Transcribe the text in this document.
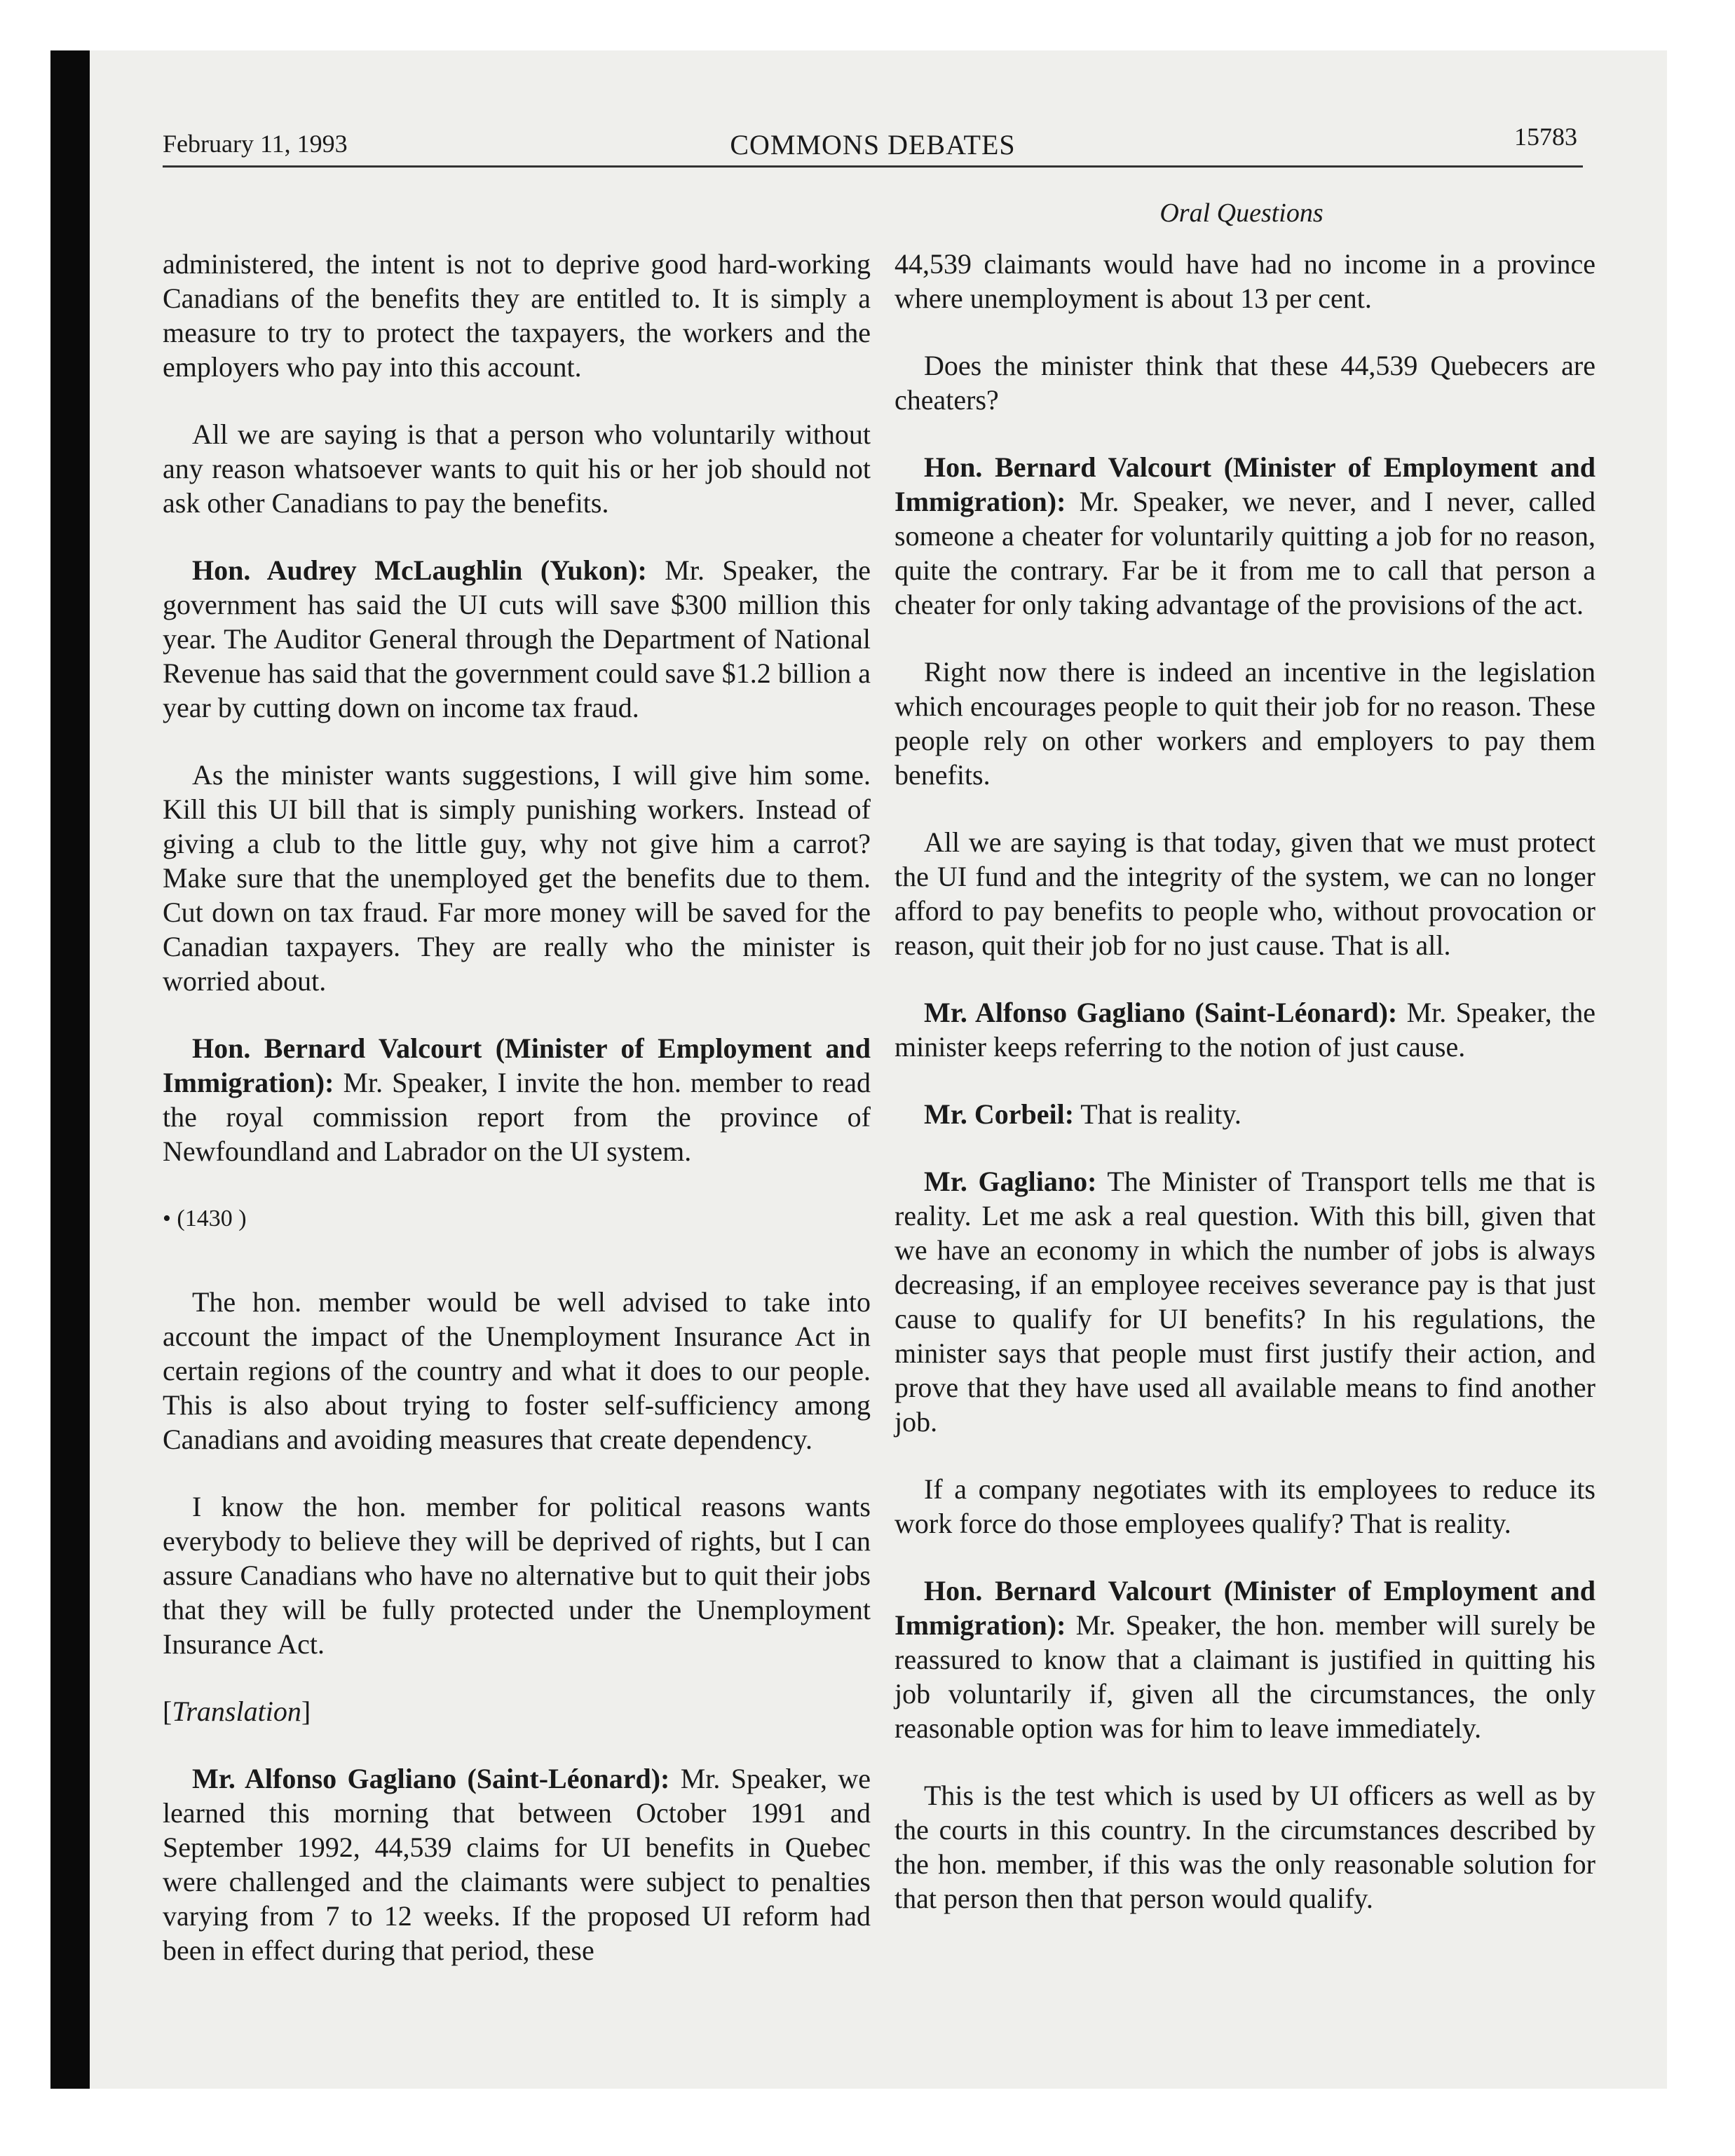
February 11, 1993	COMMONS DEBATES	15783
Oral Questions

administered, the intent is not to deprive good hard-working Canadians of the benefits they are entitled to. It is simply a measure to try to protect the taxpayers, the workers and the employers who pay into this account.

All we are saying is that a person who voluntarily without any reason whatsoever wants to quit his or her job should not ask other Canadians to pay the benefits.

Hon. Audrey McLaughlin (Yukon): Mr. Speaker, the government has said the UI cuts will save $300 million this year. The Auditor General through the Department of National Revenue has said that the government could save $1.2 billion a year by cutting down on income tax fraud.

As the minister wants suggestions, I will give him some. Kill this UI bill that is simply punishing workers. Instead of giving a club to the little guy, why not give him a carrot? Make sure that the unemployed get the benefits due to them. Cut down on tax fraud. Far more money will be saved for the Canadian taxpayers. They are really who the minister is worried about.

Hon. Bernard Valcourt (Minister of Employment and Immigration): Mr. Speaker, I invite the hon. member to read the royal commission report from the province of Newfoundland and Labrador on the UI system.

• (1430 )

The hon. member would be well advised to take into account the impact of the Unemployment Insurance Act in certain regions of the country and what it does to our people. This is also about trying to foster self-sufficiency among Canadians and avoiding measures that create dependency.

I know the hon. member for political reasons wants everybody to believe they will be deprived of rights, but I can assure Canadians who have no alternative but to quit their jobs that they will be fully protected under the Unemployment Insurance Act.

[Translation]

Mr. Alfonso Gagliano (Saint-Léonard): Mr. Speaker, we learned this morning that between October 1991 and September 1992, 44,539 claims for UI benefits in Quebec were challenged and the claimants were subject to penalties varying from 7 to 12 weeks. If the proposed UI reform had been in effect during that period, these

44,539 claimants would have had no income in a province where unemployment is about 13 per cent.

Does the minister think that these 44,539 Quebecers are cheaters?

Hon. Bernard Valcourt (Minister of Employment and Immigration): Mr. Speaker, we never, and I never, called someone a cheater for voluntarily quitting a job for no reason, quite the contrary. Far be it from me to call that person a cheater for only taking advantage of the provisions of the act.

Right now there is indeed an incentive in the legislation which encourages people to quit their job for no reason. These people rely on other workers and employers to pay them benefits.

All we are saying is that today, given that we must protect the UI fund and the integrity of the system, we can no longer afford to pay benefits to people who, without provocation or reason, quit their job for no just cause. That is all.

Mr. Alfonso Gagliano (Saint-Léonard): Mr. Speaker, the minister keeps referring to the notion of just cause.

Mr. Corbeil: That is reality.

Mr. Gagliano: The Minister of Transport tells me that is reality. Let me ask a real question. With this bill, given that we have an economy in which the number of jobs is always decreasing, if an employee receives severance pay is that just cause to qualify for UI benefits? In his regulations, the minister says that people must first justify their action, and prove that they have used all available means to find another job.

If a company negotiates with its employees to reduce its work force do those employees qualify? That is reality.

Hon. Bernard Valcourt (Minister of Employment and Immigration): Mr. Speaker, the hon. member will surely be reassured to know that a claimant is justified in quitting his job voluntarily if, given all the circumstances, the only reasonable option was for him to leave immediately.

This is the test which is used by UI officers as well as by the courts in this country. In the circumstances described by the hon. member, if this was the only reasonable solution for that person then that person would qualify.
